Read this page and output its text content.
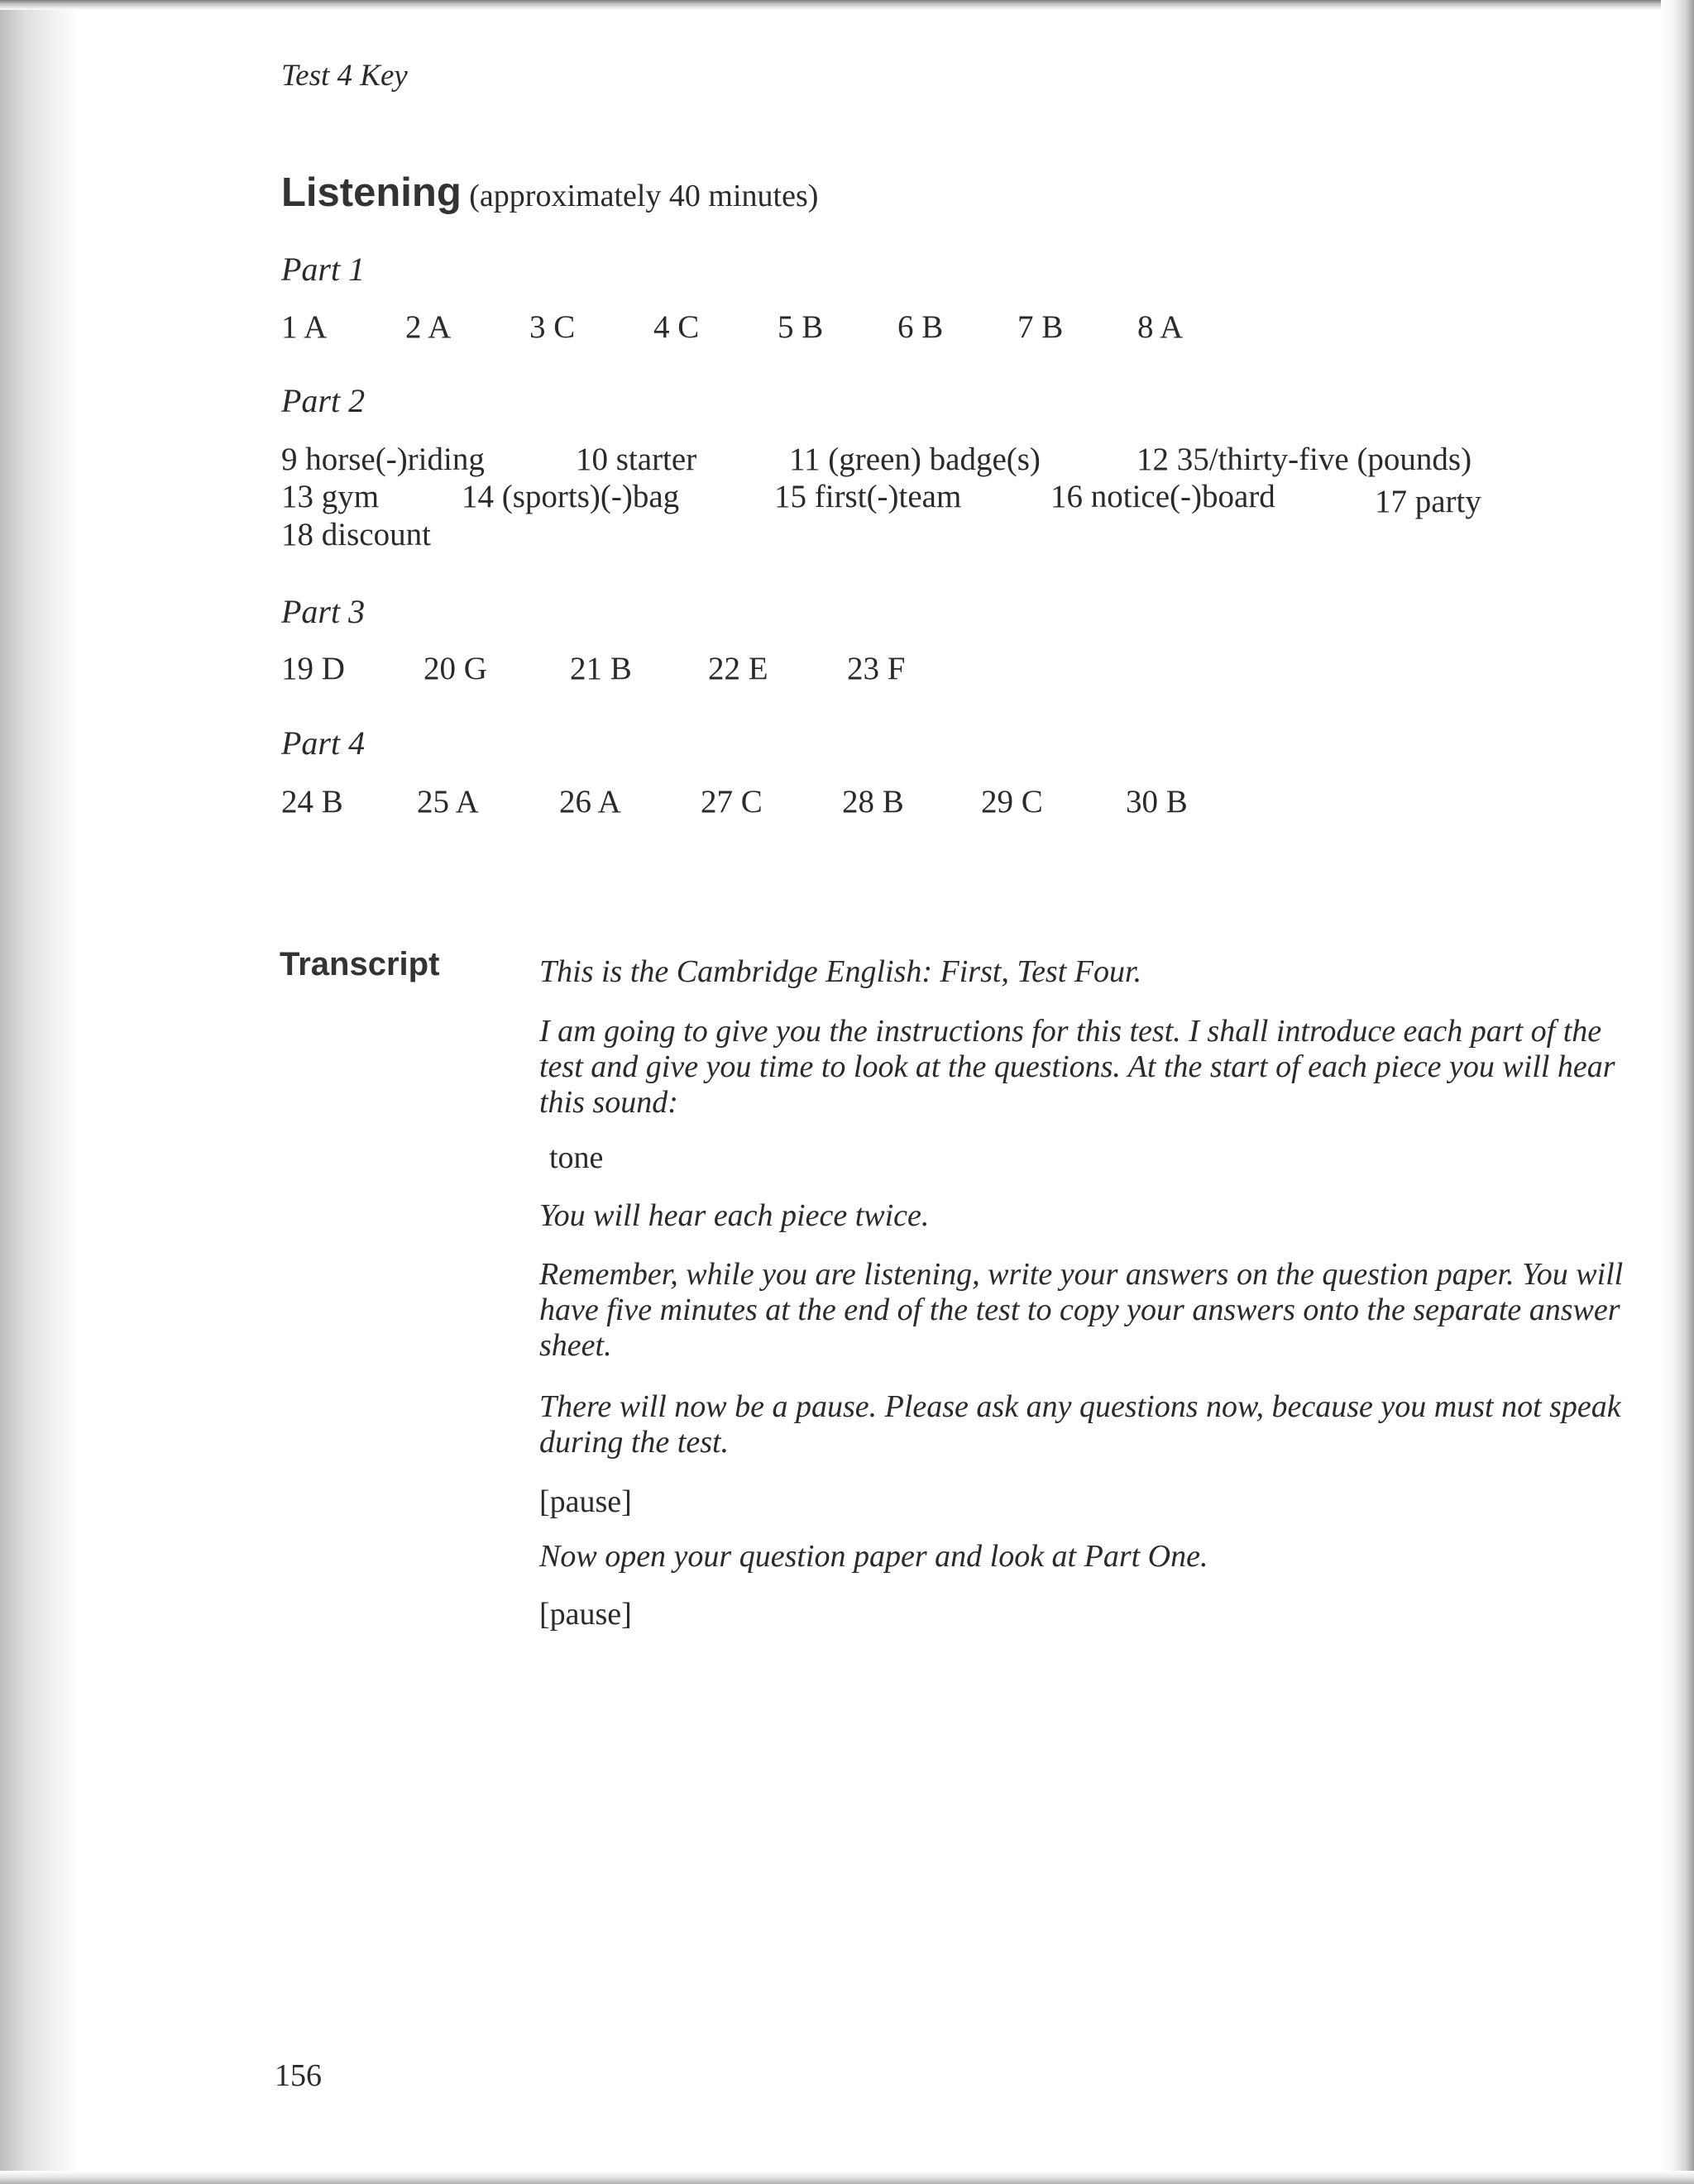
Test 4 Key
Listening (approximately 40 minutes)
Part 1
1 A 2 A 3 C 4 C 5 B 6 B 7 B 8 A
Part 2
9 horse(-)riding	10 starter	11 (green) badge(s)	12 35/thirty-five (pounds)
13 gym	14 (sports)(-)bag	15 first(-)team	16 notice(-)board	17 party
18 discount
Part 3
19 D 20 G	21 B 22 E 23 F
Part 4
24 B 25 A 26 A 27 C 28 B 29 C	30 B
Transcript	This is the Cambridge English: First, Test Four.
I am going to give you the instructions for this test. I shall introduce each part of the test and give you time to look at the questions. At the start of each piece you will hear this sound:
tone
You will hear each piece twice.
Remember, while you are listening, write your answers on the question paper. You will have five minutes at the end of the test to copy your answers onto the separate answer sheet.
There will now be a pause. Please ask any questions now, because you must not speak during the test.
[pause]
Now open your question paper and look at Part One.
[pause]
156
